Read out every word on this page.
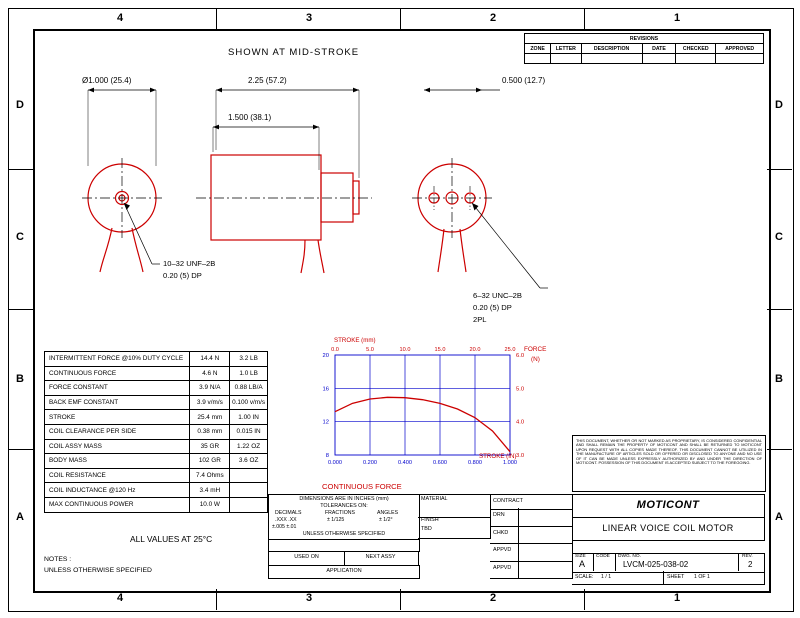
4	3	2	1
4	3	2	1
D
C
B
A
D
C
B
A
SHOWN AT MID-STROKE
REVISIONS					
ZONE	LETTER	DESCRIPTION	DATE	CHECKED	APPROVED

Ø1.000 (25.4)
10–32 UNF–2B
0.20 (5) DP
2.25 (57.2)
1.500 (38.1)
0.500 (12.7)
6–32 UNC–2B
0.20 (5) DP
2PL
INTERMITTENT FORCE @10% DUTY CYCLE	14.4 N	3.2 LB
CONTINUOUS FORCE	4.6 N	1.0 LB
FORCE CONSTANT	3.9 N/A	0.88 LB/A
BACK EMF CONSTANT	3.9 v/m/s	0.100 v/m/s
STROKE	25.4 mm	1.00 IN
COIL CLEARANCE PER SIDE	0.38 mm	0.015 IN
COIL ASSY MASS	35 GR	1.22 OZ
BODY MASS	102 GR	3.6 OZ
COIL RESISTANCE	7.4 Ohms	
COIL INDUCTANCE @120 Hz	3.4 mH	
MAX CONTINUOUS POWER	10.0 W	
ALL VALUES AT 25°C
NOTES :
UNLESS OTHERWISE SPECIFIED
0.000
0.0
0.200
5.0
0.400
10.0
0.600
15.0
0.800
20.0
1.000
25.0
8	3.0
12	4.0
16	5.0
20	6.0
STROKE (mm)
FORCE
(N)
STROKE (IN)
CONTINUOUS FORCE
THIS DOCUMENT, WHETHER OR NOT MARKED AS PROPRIETARY, IS CONSIDERED CONFIDENTIAL AND SHALL REMAIN THE PROPERTY OF MOTICONT AND SHALL BE RETURNED TO MOTICONT UPON REQUEST WITH ALL COPIES MADE THEREOF. THIS DOCUMENT CANNOT BE UTILIZED IN THE MANUFACTURE OF ARTICLES SOLD OR OFFERED OR DISCLOSED TO ANYONE AND NO USE OF IT CAN BE MADE UNLESS EXPRESSLY AUTHORIZED BY AND UNDER THE DIRECTION OF MOTICONT. POSSESSION OF THIS DOCUMENT IS ACCEPTED SUBJECT TO THE FOREGOING.
DIMENSIONS ARE IN INCHES (mm)
TOLERANCES ON:
DECIMALS	FRACTIONS	ANGLES
.XXX .XX	± 1/125	± 1/2°
±.005 ±.01
UNLESS OTHERWISE SPECIFIED
MATERIAL
FINISH
TBD
USED ON	NEXT ASSY
APPLICATION
CONTRACT
DRN
CHKD
APPVD
APPVD
MOTICONT
LINEAR VOICE COIL MOTOR
SIZE
A
CODE DWG. NO.
LVCM-025-038-02
REV.
2
SCALE: 1 / 1	SHEET 1 OF 1
